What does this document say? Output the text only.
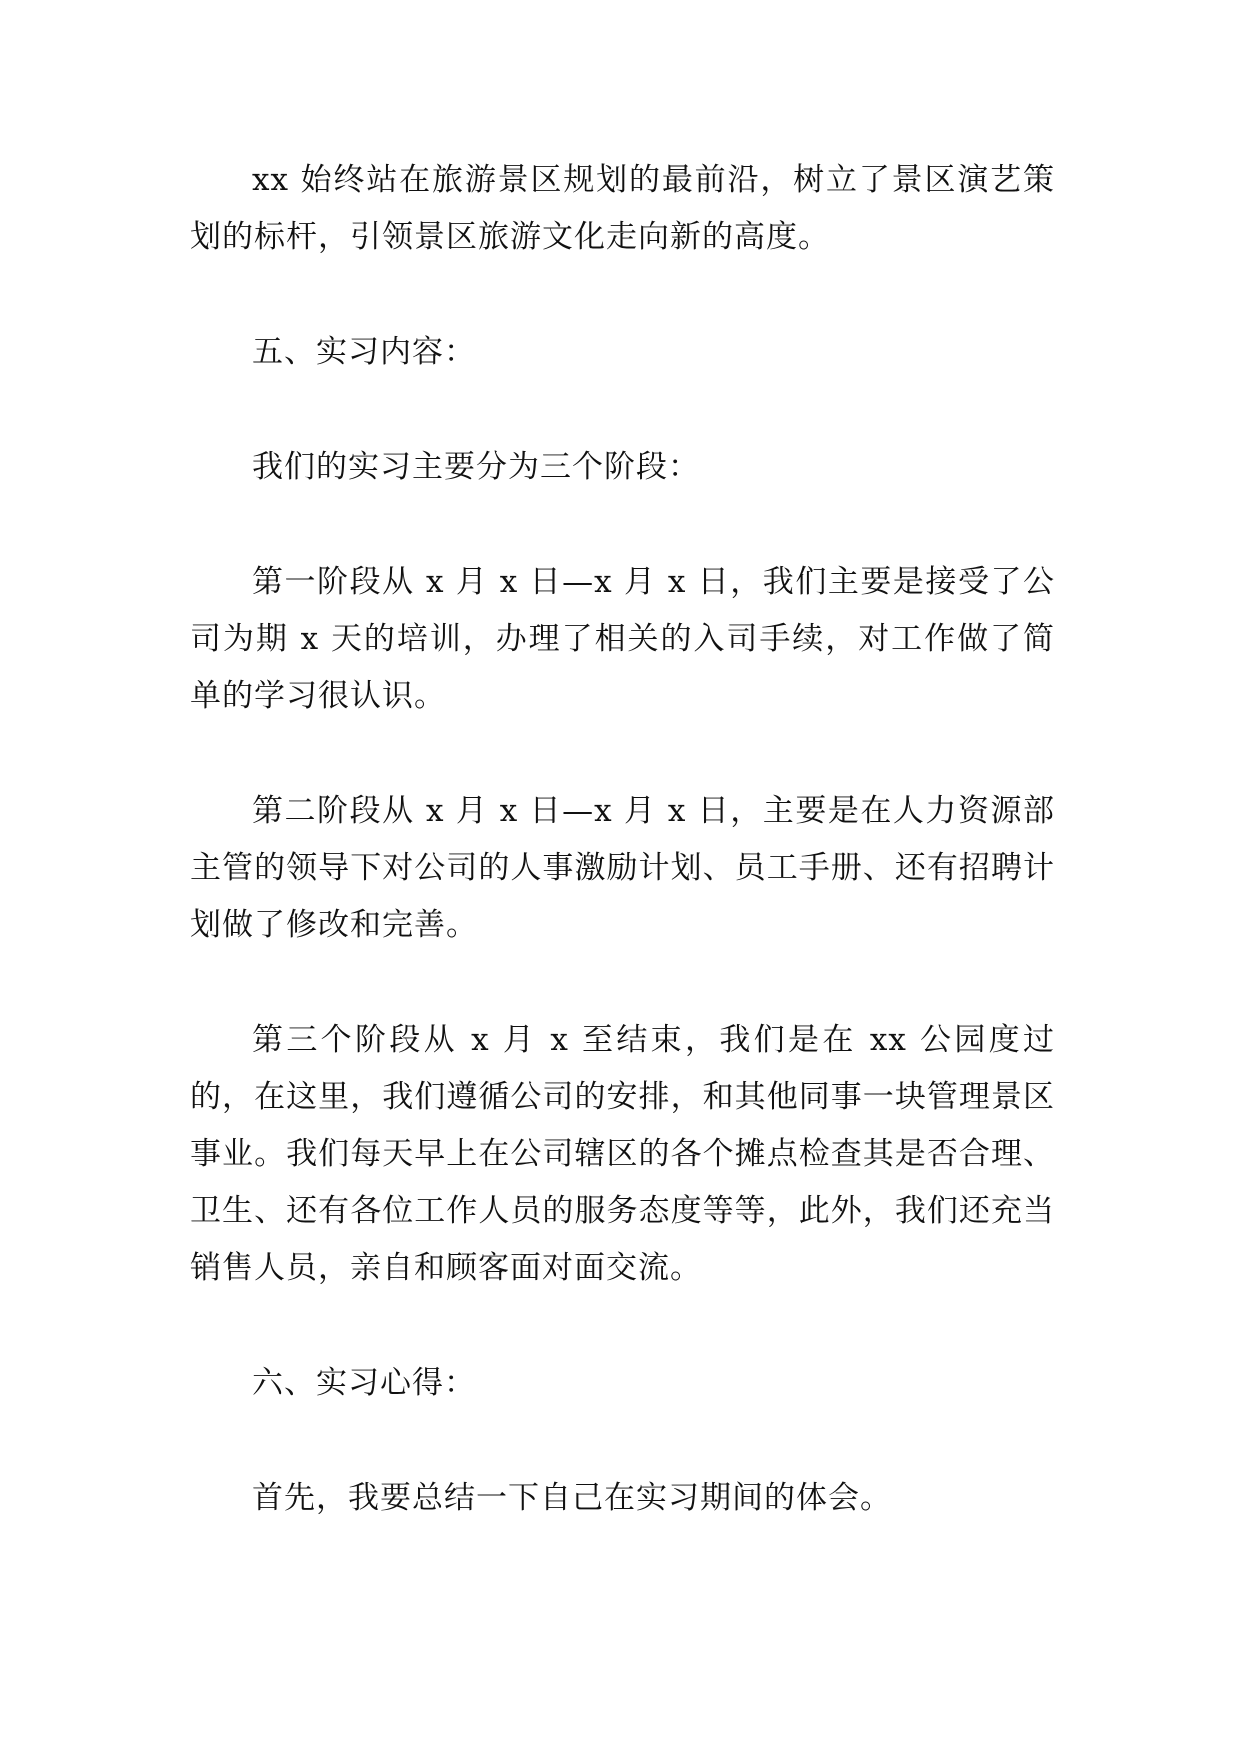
xx 始终站在旅游景区规划的最前沿，树立了景区演艺策划的标杆，引领景区旅游文化走向新的高度。

五、实习内容：

我们的实习主要分为三个阶段：

第一阶段从 x 月 x 日—x 月 x 日，我们主要是接受了公司为期 x 天的培训，办理了相关的入司手续，对工作做了简单的学习很认识。

第二阶段从 x 月 x 日—x 月 x 日，主要是在人力资源部主管的领导下对公司的人事激励计划、员工手册、还有招聘计划做了修改和完善。

第三个阶段从 x 月 x 至结束，我们是在 xx 公园度过的，在这里，我们遵循公司的安排，和其他同事一块管理景区事业。我们每天早上在公司辖区的各个摊点检查其是否合理、卫生、还有各位工作人员的服务态度等等，此外，我们还充当销售人员，亲自和顾客面对面交流。

六、实习心得：

首先，我要总结一下自己在实习期间的体会。
